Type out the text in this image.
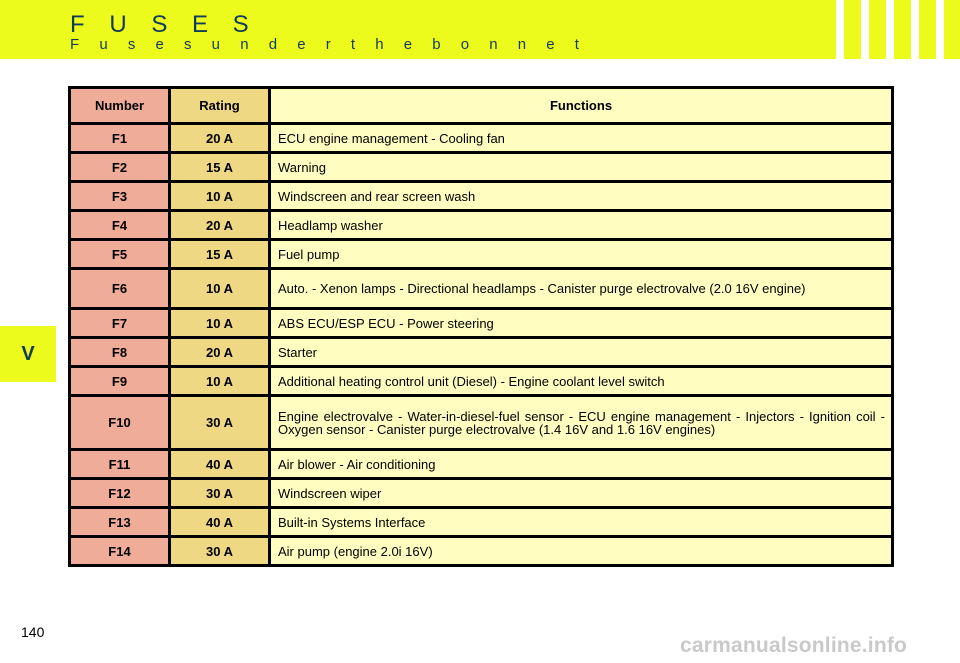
F U S E S
F u s e s u n d e r t h e b o n n e t
V
Number	Rating	Functions
F1	20 A	ECU engine management - Cooling fan
F2	15 A	Warning
F3	10 A	Windscreen and rear screen wash
F4	20 A	Headlamp washer
F5	15 A	Fuel pump
F6	10 A	Auto. - Xenon lamps - Directional headlamps - Canister purge electrovalve (2.0 16V engine)
F7	10 A	ABS ECU/ESP ECU - Power steering
F8	20 A	Starter
F9	10 A	Additional heating control unit (Diesel) - Engine coolant level switch
F10	30 A	Engine electrovalve - Water-in-diesel-fuel sensor - ECU engine management - Injectors - Ignition coil - Oxygen sensor - Canister purge electrovalve (1.4 16V and 1.6 16V engines)
F11	40 A	Air blower - Air conditioning
F12	30 A	Windscreen wiper
F13	40 A	Built-in Systems Interface
F14	30 A	Air pump (engine 2.0i 16V)
140
carmanualsonline.info
